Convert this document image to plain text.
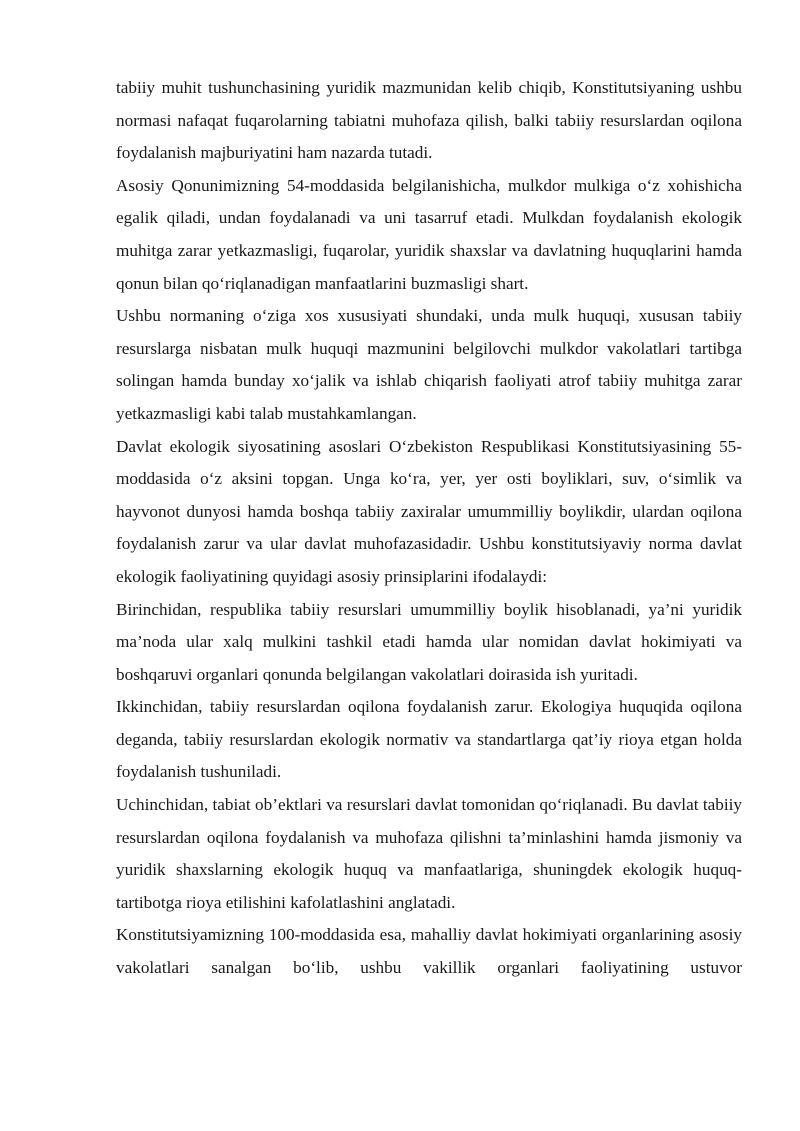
tabiiy muhit tushunchasining yuridik mazmunidan kelib chiqib, Konstitutsiyaning ushbu normasi nafaqat fuqarolarning tabiatni muhofaza qilish, balki tabiiy resurslardan oqilona foydalanish majburiyatini ham nazarda tutadi.

Asosiy Qonunimizning 54-moddasida belgilanishicha, mulkdor mulkiga o‘z xohishicha egalik qiladi, undan foydalanadi va uni tasarruf etadi. Mulkdan foydalanish ekologik muhitga zarar yetkazmasligi, fuqarolar, yuridik shaxslar va davlatning huquqlarini hamda qonun bilan qo‘riqlanadigan manfaatlarini buzmasligi shart.

Ushbu normaning o‘ziga xos xususiyati shundaki, unda mulk huquqi, xususan tabiiy resurslarga nisbatan mulk huquqi mazmunini belgilovchi mulkdor vakolatlari tartibga solingan hamda bunday xo‘jalik va ishlab chiqarish faoliyati atrof tabiiy muhitga zarar yetkazmasligi kabi talab mustahkamlangan.

Davlat ekologik siyosatining asoslari O‘zbekiston Respublikasi Konstitutsiyasining 55-moddasida o‘z aksini topgan. Unga ko‘ra, yer, yer osti boyliklari, suv, o‘simlik va hayvonot dunyosi hamda boshqa tabiiy zaxiralar umummilliy boylikdir, ulardan oqilona foydalanish zarur va ular davlat muhofazasidadir. Ushbu konstitutsiyaviy norma davlat ekologik faoliyatining quyidagi asosiy prinsiplarini ifodalaydi:

Birinchidan, respublika tabiiy resurslari umummilliy boylik hisoblanadi, ya’ni yuridik ma’noda ular xalq mulkini tashkil etadi hamda ular nomidan davlat hokimiyati va boshqaruvi organlari qonunda belgilangan vakolatlari doirasida ish yuritadi.

Ikkinchidan, tabiiy resurslardan oqilona foydalanish zarur. Ekologiya huquqida oqilona deganda, tabiiy resurslardan ekologik normativ va standartlarga qat’iy rioya etgan holda foydalanish tushuniladi.

Uchinchidan, tabiat ob’ektlari va resurslari davlat tomonidan qo‘riqlanadi. Bu davlat tabiiy resurslardan oqilona foydalanish va muhofaza qilishni ta’minlashini hamda jismoniy va yuridik shaxslarning ekologik huquq va manfaatlariga, shuningdek ekologik huquq-tartibotga rioya etilishini kafolatlashini anglatadi.

Konstitutsiyamizning 100-moddasida esa, mahalliy davlat hokimiyati organlarining asosiy vakolatlari sanalgan bo‘lib, ushbu vakillik organlari faoliyatining ustuvor
